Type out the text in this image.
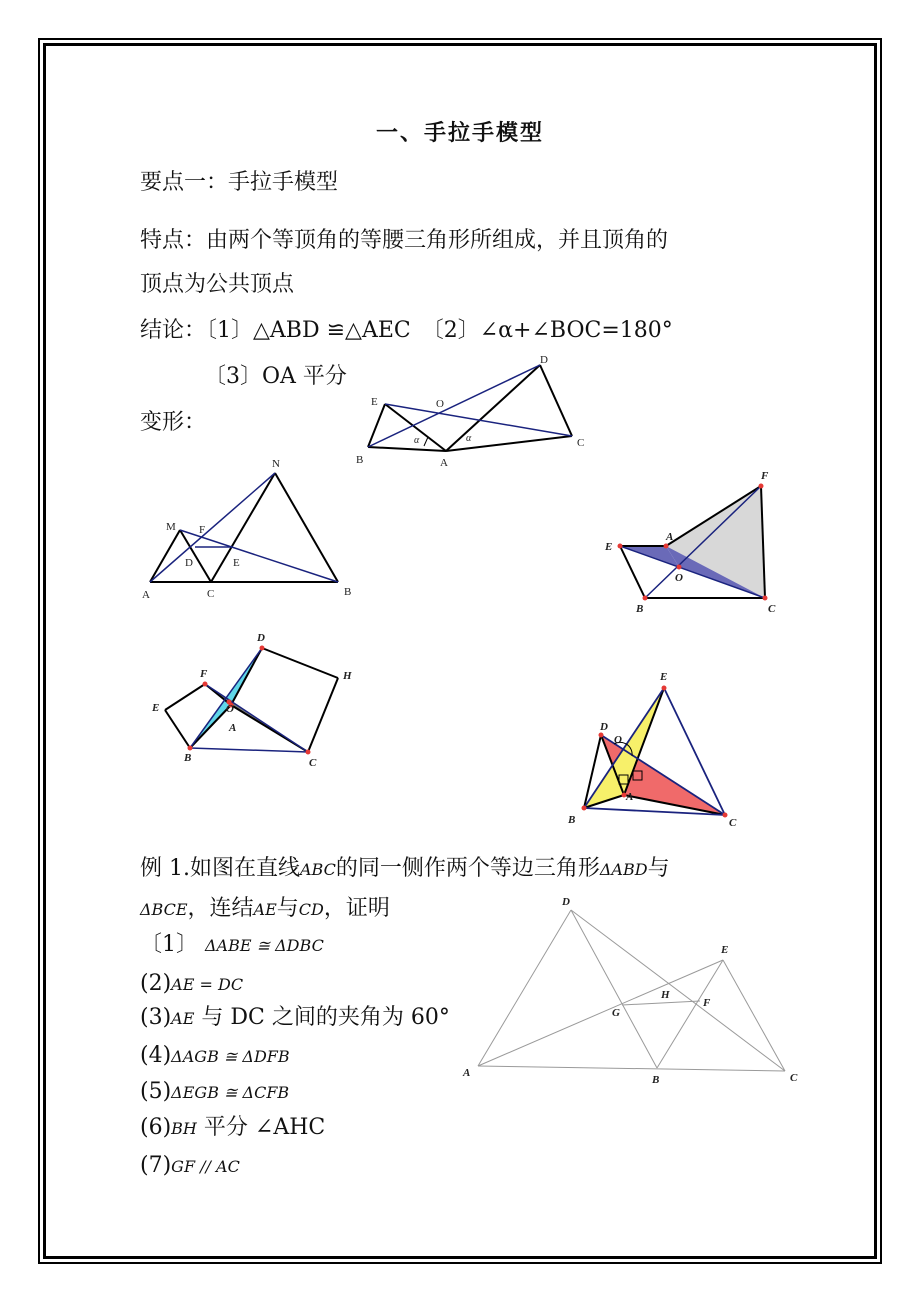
一、手拉手模型
要点一：手拉手模型
特点：由两个等顶角的等腰三角形所组成，并且顶角的
顶点为公共顶点
结论：〔1〕△ABD ≌△AEC　〔2〕∠α+∠BOC=180°
〔3〕OA 平分
变形：
E	O
D
B	A
C
α	α
N
M F
D	E
A	C	B
F
A
E
O
B	C
D
F	H
E	O
A
B	C
E
D
O
A
B	C
例 1.如图在直线ABC的同一侧作两个等边三角形ΔABD与
ΔBCE，连结AE与CD，证明
〔1〕 ΔABE ≅ ΔDBC
(2)AE = DC
(3)AE 与 DC 之间的夹角为 60°
(4)ΔAGB ≅ ΔDFB
(5)ΔEGB ≅ ΔCFB
(6)BH 平分 ∠AHC
(7)GF // AC
D
E
H
F
G
A
B	C
